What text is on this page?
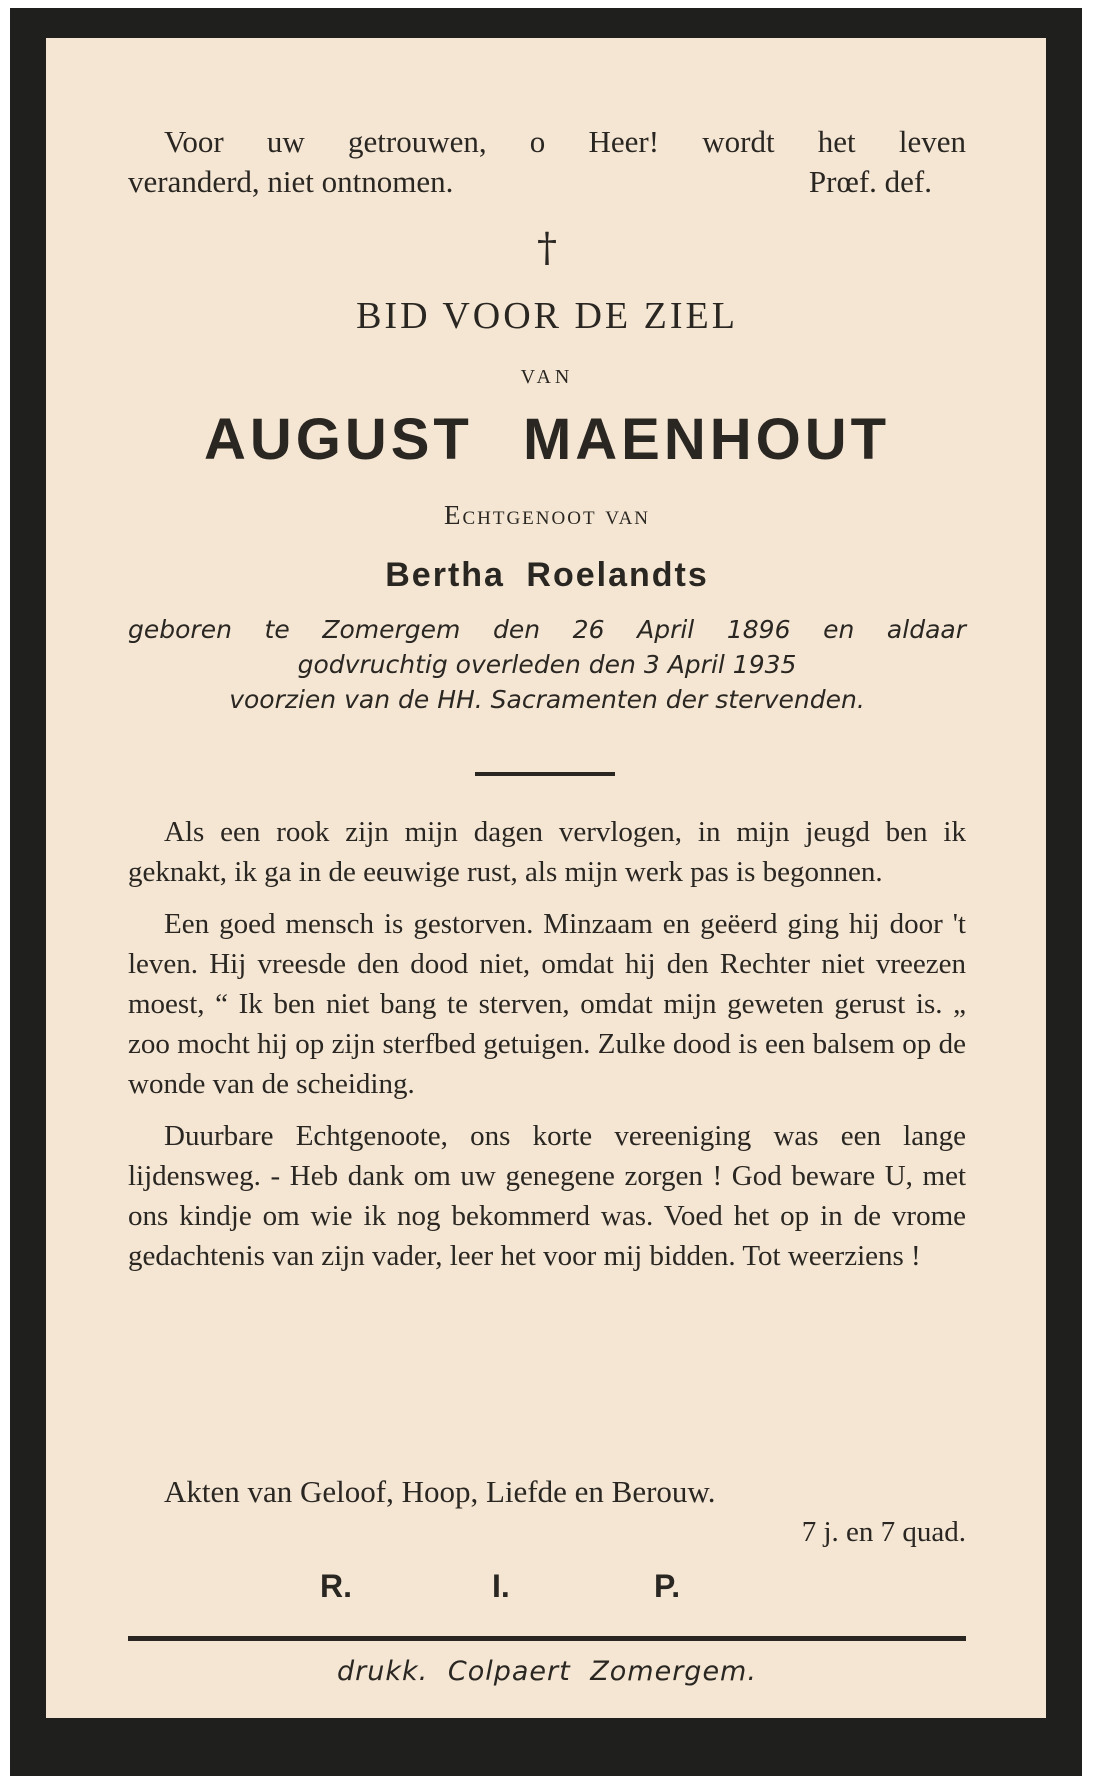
Voor uw getrouwen, o Heer! wordt het leven
veranderd, niet ontnomen.	Prœf. def.
†
BID VOOR DE ZIEL
VAN
AUGUST MAENHOUT
Echtgenoot van
Bertha Roelandts
geboren te Zomergem den 26 April 1896 en aldaar
godvruchtig overleden den 3 April 1935
voorzien van de HH. Sacramenten der stervenden.

Als een rook zijn mijn dagen vervlogen, in mijn jeugd ben ik geknakt, ik ga in de eeuwige rust, als mijn werk pas is begonnen.

Een goed mensch is gestorven. Minzaam en geëerd ging hij door 't leven. Hij vreesde den dood niet, omdat hij den Rechter niet vreezen moest, “ Ik ben niet bang te sterven, omdat mijn geweten gerust is. „ zoo mocht hij op zijn sterfbed getuigen. Zulke dood is een balsem op de wonde van de scheiding.

Duurbare Echtgenoote, ons korte vereeniging was een lange lijdensweg. - Heb dank om uw genegene zorgen ! God beware U, met ons kindje om wie ik nog bekommerd was. Voed het op in de vrome gedachtenis van zijn vader, leer het voor mij bidden. Tot weerziens !

Akten van Geloof, Hoop, Liefde en Berouw.
7 j. en 7 quad.
R.	I.	P.
drukk. Colpaert Zomergem.
